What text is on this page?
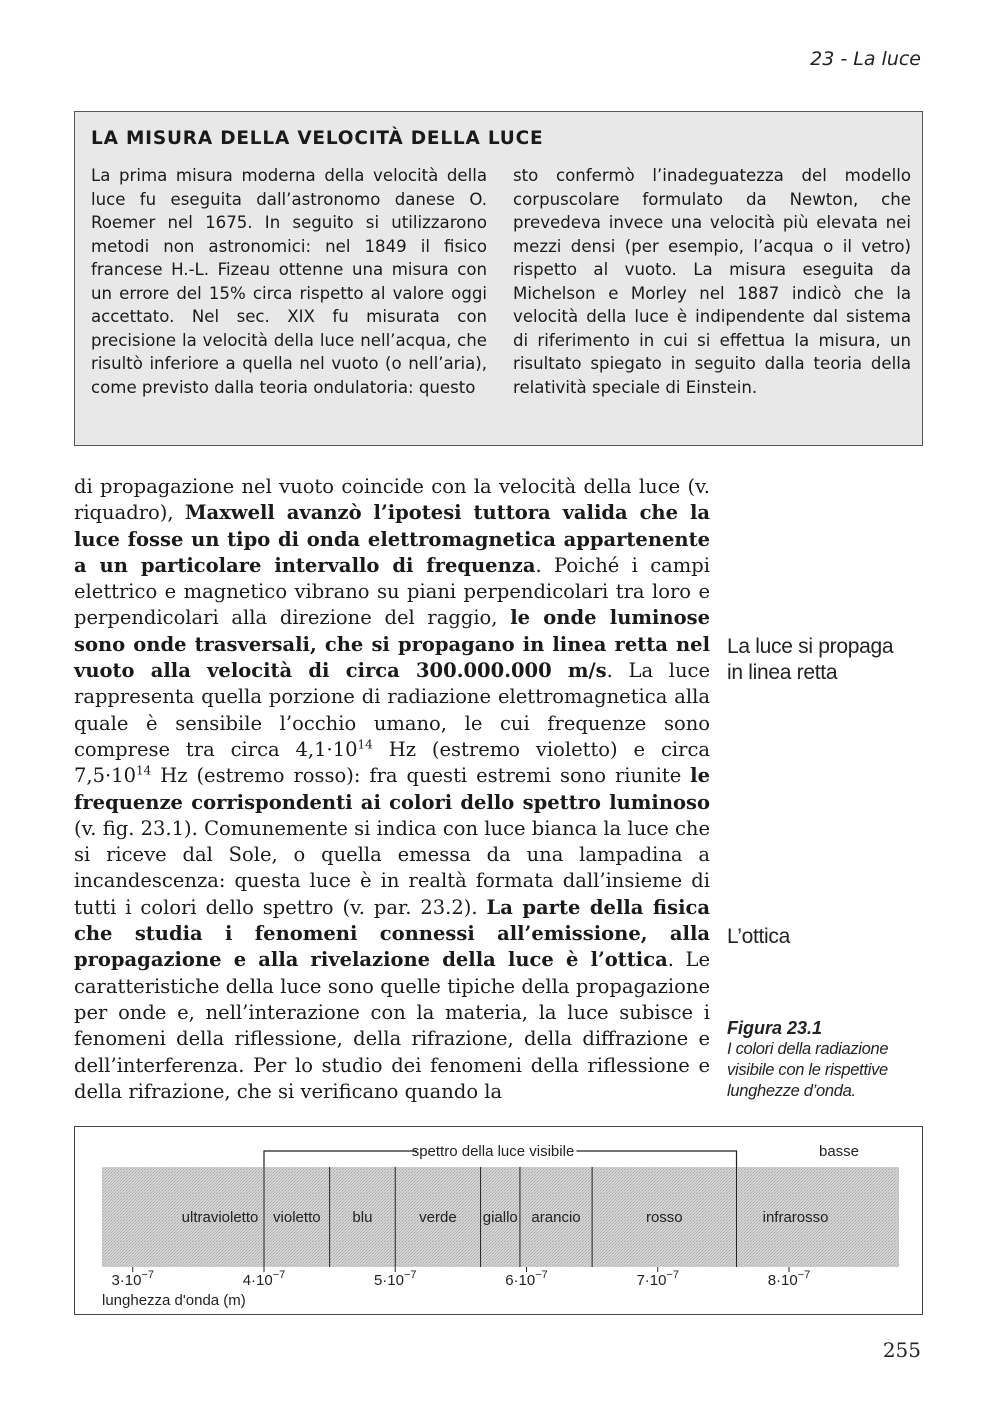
23 - La luce
LA MISURA DELLA VELOCITÀ DELLA LUCE
La prima misura moderna della velocità della luce fu eseguita dall’astronomo danese O. Roemer nel 1675. In seguito si utilizzarono metodi non astronomici: nel 1849 il fisico francese H.-L. Fizeau ottenne una misura con un errore del 15% circa rispetto al valore oggi accettato. Nel sec. XIX fu misurata con precisione la velocità della luce nell’acqua, che risultò inferiore a quella nel vuoto (o nell’aria), come previsto dalla teoria ondulatoria: questo
sto confermò l’inadeguatezza del modello corpuscolare formulato da Newton, che prevedeva invece una velocità più elevata nei mezzi densi (per esempio, l’acqua o il vetro) rispetto al vuoto. La misura eseguita da Michelson e Morley nel 1887 indicò che la velocità della luce è indipendente dal sistema di riferimento in cui si effettua la misura, un risultato spiegato in seguito dalla teoria della relatività speciale di Einstein.
di propagazione nel vuoto coincide con la velocità della luce (v. riquadro), Maxwell avanzò l’ipotesi tuttora valida che la luce fosse un tipo di onda elettromagnetica appartenente a un particolare intervallo di frequenza. Poiché i campi elettrico e magnetico vibrano su piani perpendicolari tra loro e perpendicolari alla direzione del raggio, le onde luminose sono onde trasversali, che si propagano in linea retta nel vuoto alla velocità di circa 300.000.000 m/s. La luce rappresenta quella porzione di radiazione elettromagnetica alla quale è sensibile l’occhio umano, le cui frequenze sono comprese tra circa $4,1\cdot 10^{14}$ Hz (estremo violetto) e circa $7,5\cdot 10^{14}$ Hz (estremo rosso): fra questi estremi sono riunite le frequenze corrispondenti ai colori dello spettro luminoso (v. fig. 23.1). Comunemente si indica con luce bianca la luce che si riceve dal Sole, o quella emessa da una lampadina a incandescenza: questa luce è in realtà formata dall’insieme di tutti i colori dello spettro (v. par. 23.2). La parte della fisica che studia i fenomeni connessi all’emissione, alla propagazione e alla rivelazione della luce è l’ottica. Le caratteristiche della luce sono quelle tipiche della propagazione per onde e, nell’interazione con la materia, la luce subisce i fenomeni della riflessione, della rifrazione, della diffrazione e dell’interferenza. Per lo studio dei fenomeni della riflessione e della rifrazione, che si verificano quando la
La luce si propaga in linea retta
L’ottica
Figura 23.1
I colori della radiazione visibile con le rispettive lunghezze d’onda.
ultravioletto violetto blu	verde giallo arancio	rosso	infrarosso
spettro della luce visibile	basse
$3\cdot 10^{-7}$	$4\cdot 10^{-7}$	$5\cdot 10^{-7}$	$6\cdot 10^{-7}$	$7\cdot 10^{-7}$	$8\cdot 10^{-7}$
lunghezza d'onda (m)
255
